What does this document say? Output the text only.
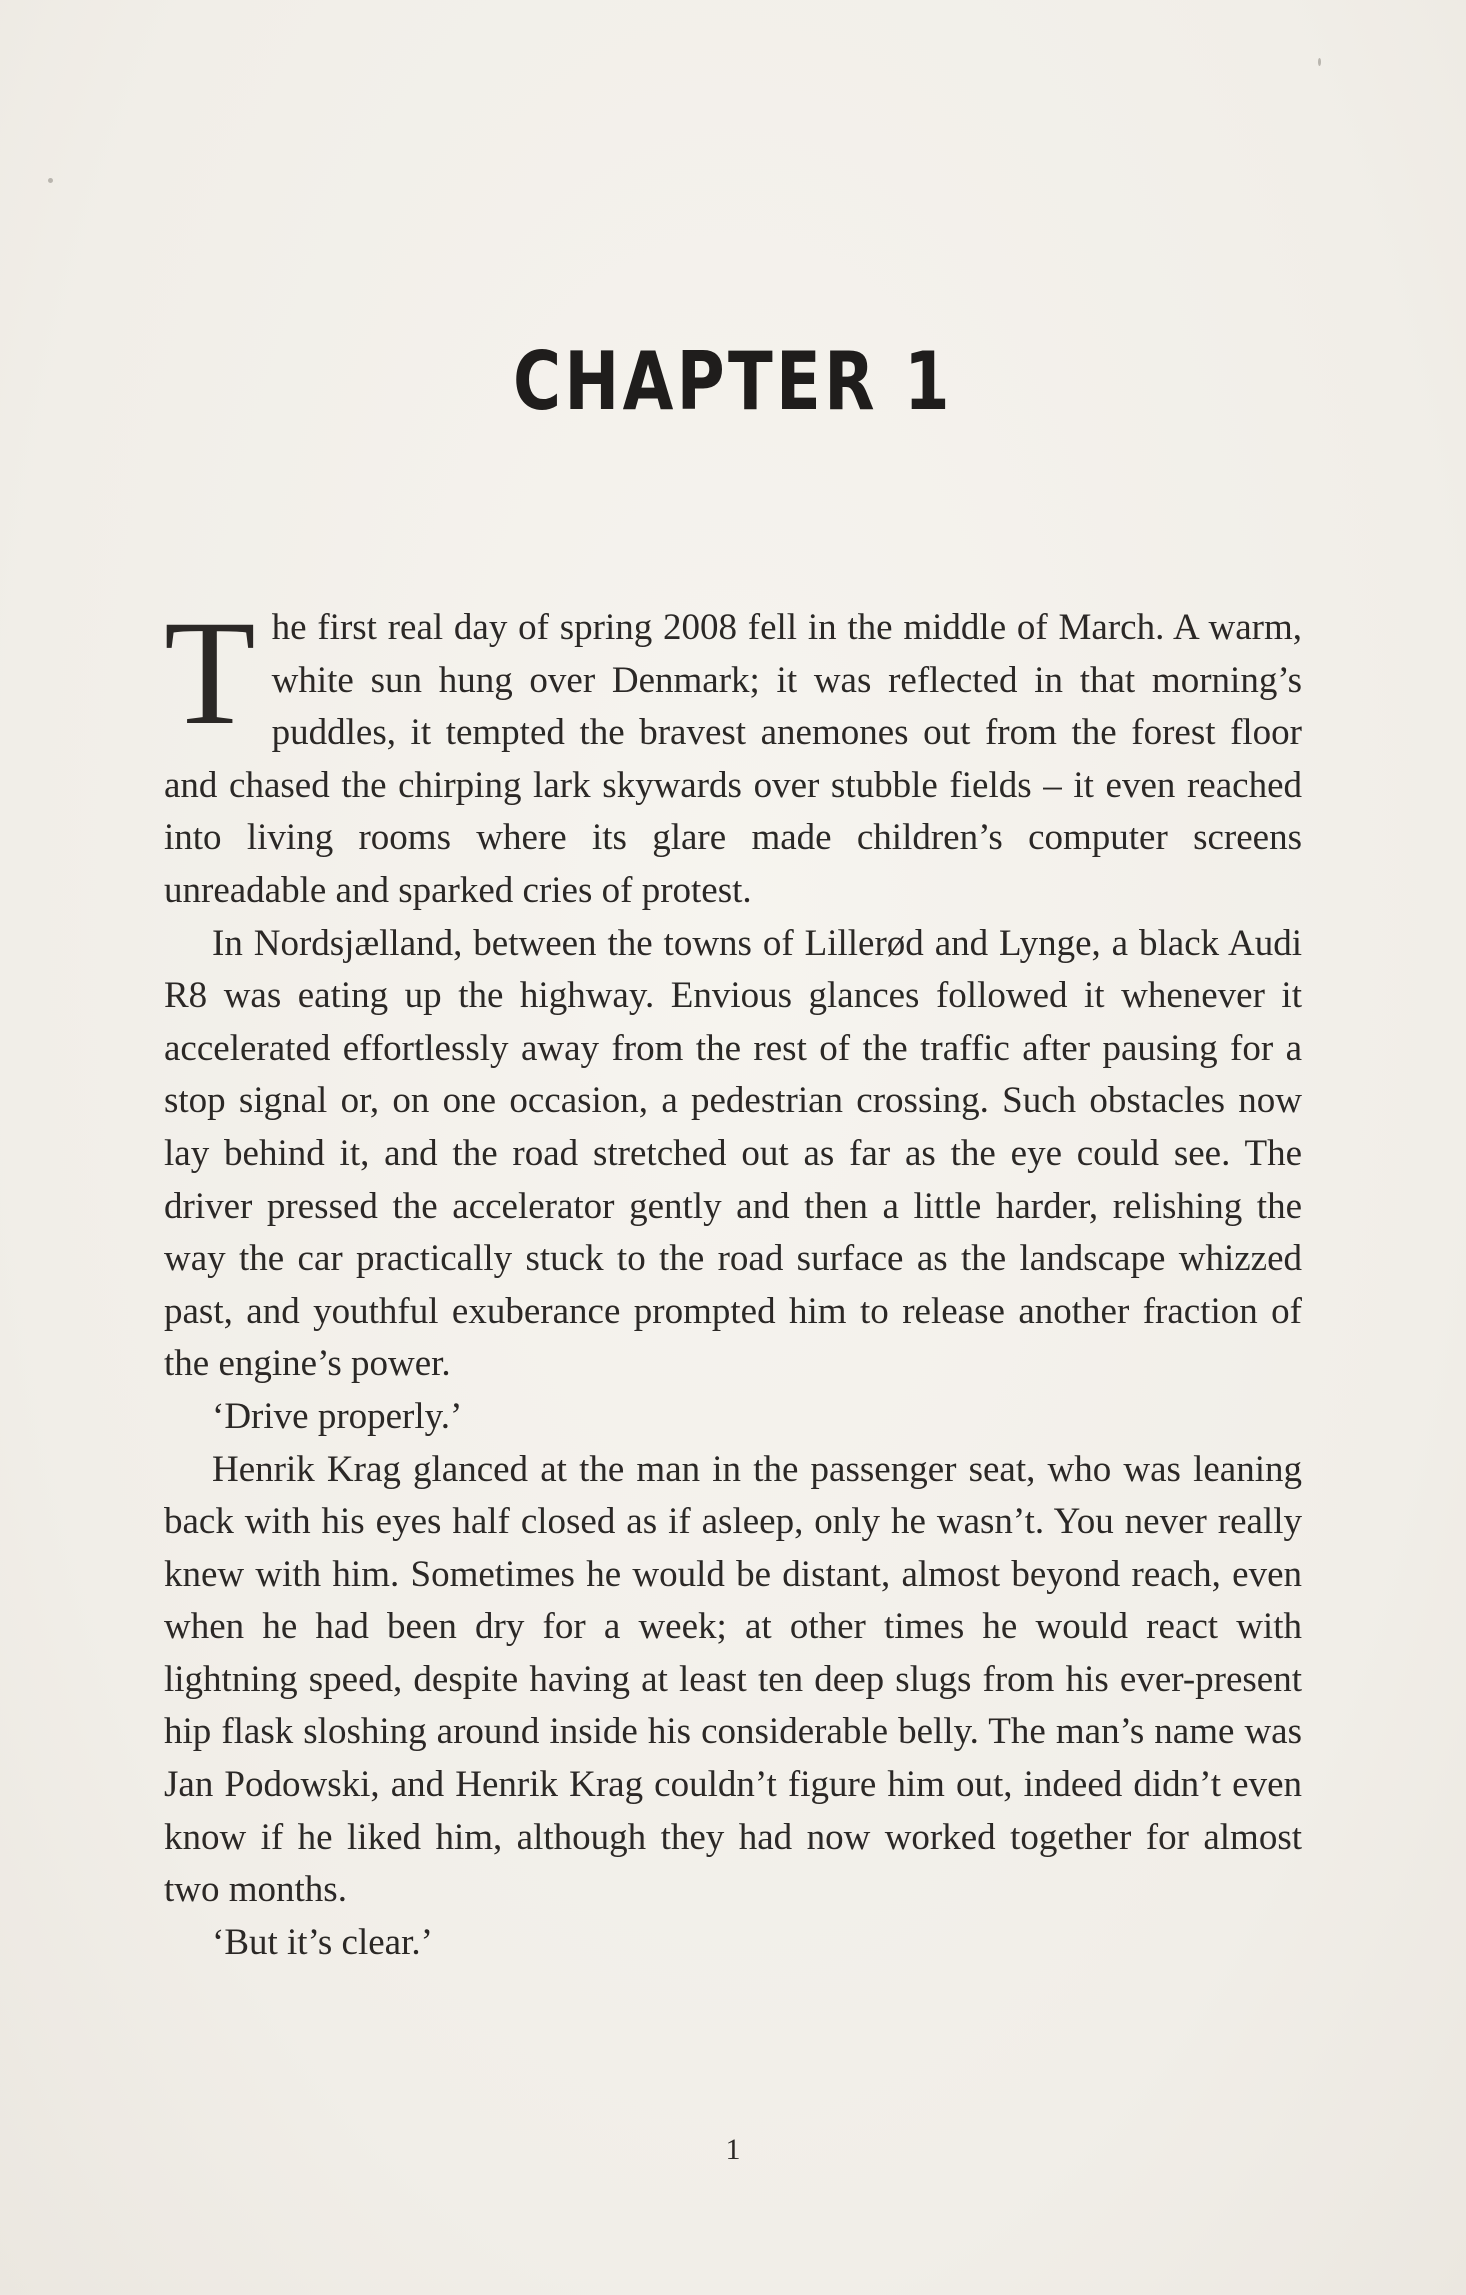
CHAPTER 1

The first real day of spring 2008 fell in the middle of March. A warm, white sun hung over Denmark; it was reflected in that morning’s puddles, it tempted the bravest anemones out from the forest floor and chased the chirping lark skywards over stubble fields – it even reached into living rooms where its glare made children’s computer screens unreadable and sparked cries of protest.

In Nordsjælland, between the towns of Lillerød and Lynge, a black Audi R8 was eating up the highway. Envious glances followed it whenever it accelerated effortlessly away from the rest of the traffic after pausing for a stop signal or, on one occasion, a pedestrian crossing. Such obstacles now lay behind it, and the road stretched out as far as the eye could see. The driver pressed the accelerator gently and then a little harder, relishing the way the car practically stuck to the road surface as the landscape whizzed past, and youthful exuberance prompted him to release another fraction of the engine’s power.

‘Drive properly.’

Henrik Krag glanced at the man in the passenger seat, who was leaning back with his eyes half closed as if asleep, only he wasn’t. You never really knew with him. Sometimes he would be distant, almost beyond reach, even when he had been dry for a week; at other times he would react with lightning speed, despite having at least ten deep slugs from his ever-present hip flask sloshing around inside his considerable belly. The man’s name was Jan Podowski, and Henrik Krag couldn’t figure him out, indeed didn’t even know if he liked him, although they had now worked together for almost two months.

‘But it’s clear.’

1
